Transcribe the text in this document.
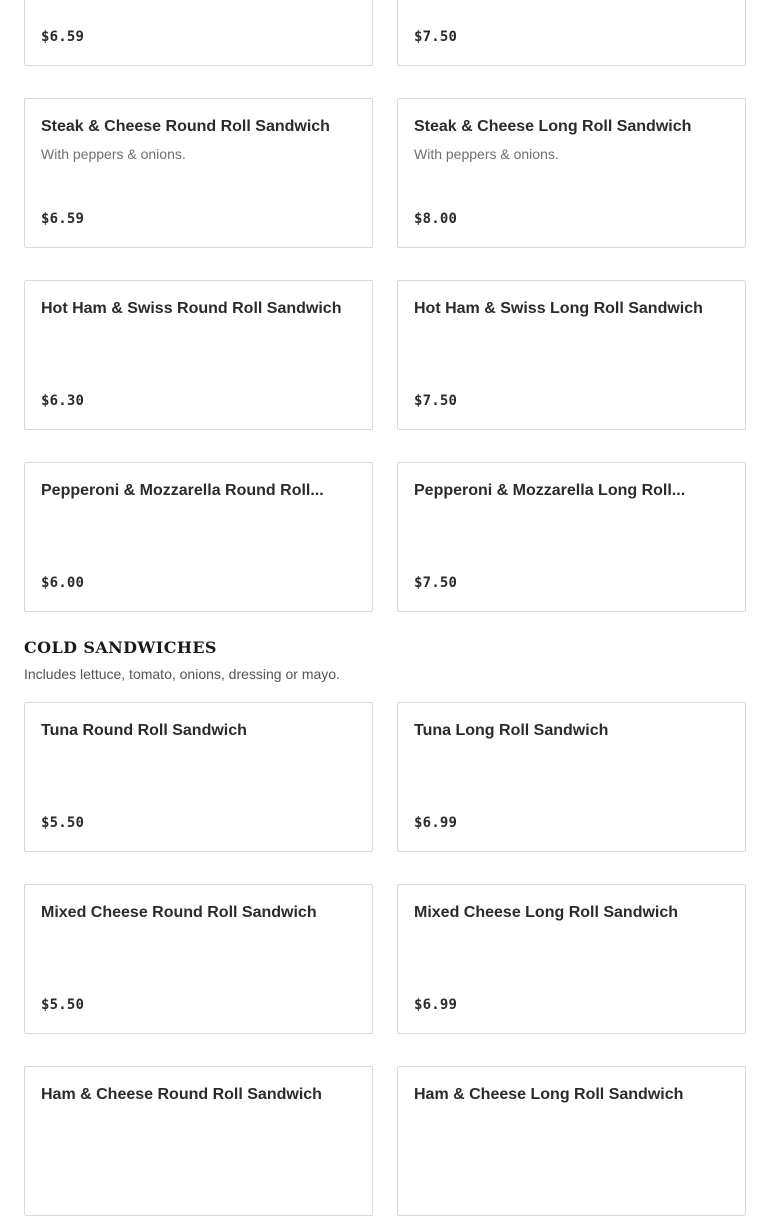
$6.59	$7.50
Steak & Cheese Round Roll Sandwich
With peppers & onions.
$6.59
Steak & Cheese Long Roll Sandwich
With peppers & onions.
$8.00
Hot Ham & Swiss Round Roll Sandwich
$6.30
Hot Ham & Swiss Long Roll Sandwich
$7.50
Pepperoni & Mozzarella Round Roll...
$6.00
Pepperoni & Mozzarella Long Roll...
$7.50
COLD SANDWICHES

Includes lettuce, tomato, onions, dressing or mayo.

Tuna Round Roll Sandwich
$5.50
Tuna Long Roll Sandwich
$6.99
Mixed Cheese Round Roll Sandwich
$5.50
Mixed Cheese Long Roll Sandwich
$6.99
Ham & Cheese Round Roll Sandwich	Ham & Cheese Long Roll Sandwich
